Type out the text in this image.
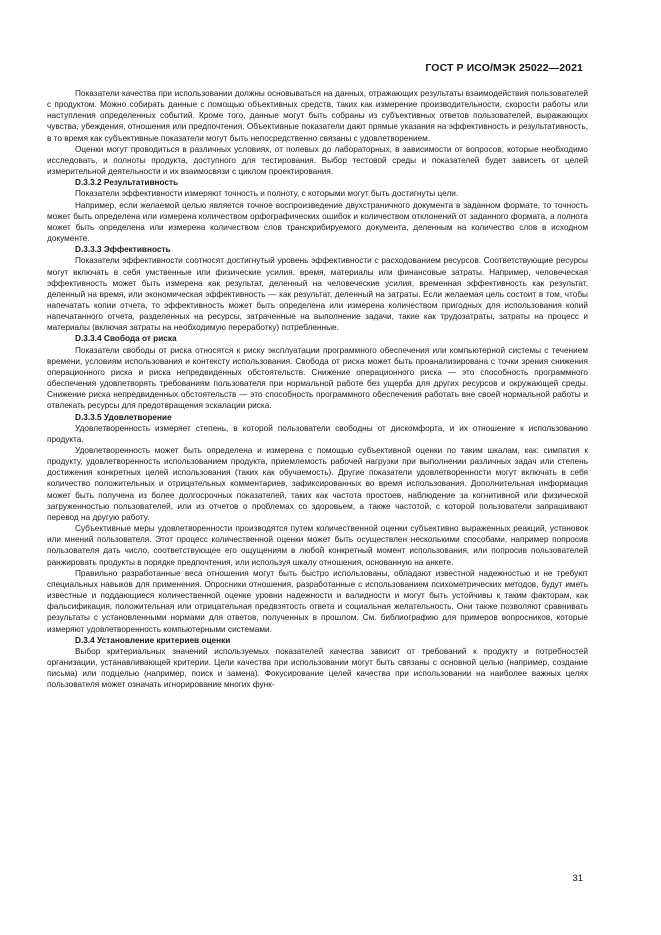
ГОСТ Р ИСО/МЭК 25022—2021

Показатели качества при использовании должны основываться на данных, отражающих результаты взаимодействия пользователей с продуктом. Можно собирать данные с помощью объективных средств, таких как измерение производительности, скорости работы или наступления определенных событий. Кроме того, данные могут быть собраны из субъективных ответов пользователей, выражающих чувства, убеждения, отношения или предпочтения. Объективные показатели дают прямые указания на эффективность и результативность, в то время как субъективные показатели могут быть непосредственно связаны с удовлетворением.

Оценки могут проводиться в различных условиях, от полевых до лабораторных, в зависимости от вопросов, которые необходимо исследовать, и полноты продукта, доступного для тестирования. Выбор тестовой среды и показателей будет зависеть от целей измерительной деятельности и их взаимосвязи с циклом проектирования.

D.3.3.2 Результативность

Показатели эффективности измеряют точность и полноту, с которыми могут быть достигнуты цели.

Например, если желаемой целью является точное воспроизведение двухстраничного документа в заданном формате, то точность может быть определена или измерена количеством орфографических ошибок и количеством отклонений от заданного формата, а полнота может быть определена или измерена количеством слов транскрибируемого документа, деленным на количество слов в исходном документе.

D.3.3.3 Эффективность

Показатели эффективности соотносят достигнутый уровень эффективности с расходованием ресурсов. Соответствующие ресурсы могут включать в себя умственные или физические усилия, время, материалы или финансовые затраты. Например, человеческая эффективность может быть измерена как результат, деленный на человеческие усилия, временная эффективность как результат, деленный на время, или экономическая эффективность — как результат, деленный на затраты. Если желаемая цель состоит в том, чтобы напечатать копии отчета, то эффективность может быть определена или измерена количеством пригодных для использования копий напечатанного отчета, разделенных на ресурсы, затраченные на выполнение задачи, такие как трудозатраты, затраты на процесс и материалы (включая затраты на необходимую переработку) потребленные.

D.3.3.4 Свобода от риска

Показатели свободы от риска относятся к риску эксплуатации программного обеспечения или компьютерной системы с течением времени, условиям использования и контексту использования. Свобода от риска может быть проанализирована с точки зрения снижения операционного риска и риска непредвиденных обстоятельств. Снижение операционного риска — это способность программного обеспечения удовлетворять требованиям пользователя при нормальной работе без ущерба для других ресурсов и окружающей среды. Снижение риска непредвиденных обстоятельств — это способность программного обеспечения работать вне своей нормальной работы и отвлекать ресурсы для предотвращения эскалации риска.

D.3.3.5 Удовлетворение

Удовлетворенность измеряет степень, в которой пользователи свободны от дискомфорта, и их отношение к использованию продукта.

Удовлетворенность может быть определена и измерена с помощью субъективной оценки по таким шкалам, как: симпатия к продукту, удовлетворенность использованием продукта, приемлемость рабочей нагрузки при выполнении различных задач или степень достижения конкретных целей использования (таких как обучаемость). Другие показатели удовлетворенности могут включать в себя количество положительных и отрицательных комментариев, зафиксированных во время использования. Дополнительная информация может быть получена из более долгосрочных показателей, таких как частота простоев, наблюдение за когнитивной или физической загруженностью пользователей, или из отчетов о проблемах со здоровьем, а также частотой, с которой пользователи запрашивают перевод на другую работу.

Субъективные меры удовлетворенности производятся путем количественной оценки субъективно выраженных реакций, установок или мнений пользователя. Этот процесс количественной оценки может быть осуществлен несколькими способами, например попросив пользователя дать число, соответствующее его ощущениям в любой конкретный момент использования, или попросив пользователей ранжировать продукты в порядке предпочтения, или используя шкалу отношения, основанную на анкете.

Правильно разработанные веса отношения могут быть быстро использованы, обладают известной надежностью и не требуют специальных навыков для применения. Опросники отношения, разработанные с использованием психометрических методов, будут иметь известные и поддающиеся количественной оценке уровни надежности и валидности и могут быть устойчивы к таким факторам, как фальсификация, положительная или отрицательная предвзятость ответа и социальная желательность. Они также позволяют сравнивать результаты с установленными нормами для ответов, полученных в прошлом. См. библиографию для примеров вопросников, которые измеряют удовлетворенность компьютерными системами.

D.3.4 Установление критериев оценки

Выбор критериальных значений используемых показателей качества зависит от требований к продукту и потребностей организации, устанавливающей критерии. Цели качества при использовании могут быть связаны с основной целью (например, создание письма) или подцелью (например, поиск и замена). Фокусирование целей качества при использовании на наиболее важных целях пользователя может означать игнорирование многих функ-

31
